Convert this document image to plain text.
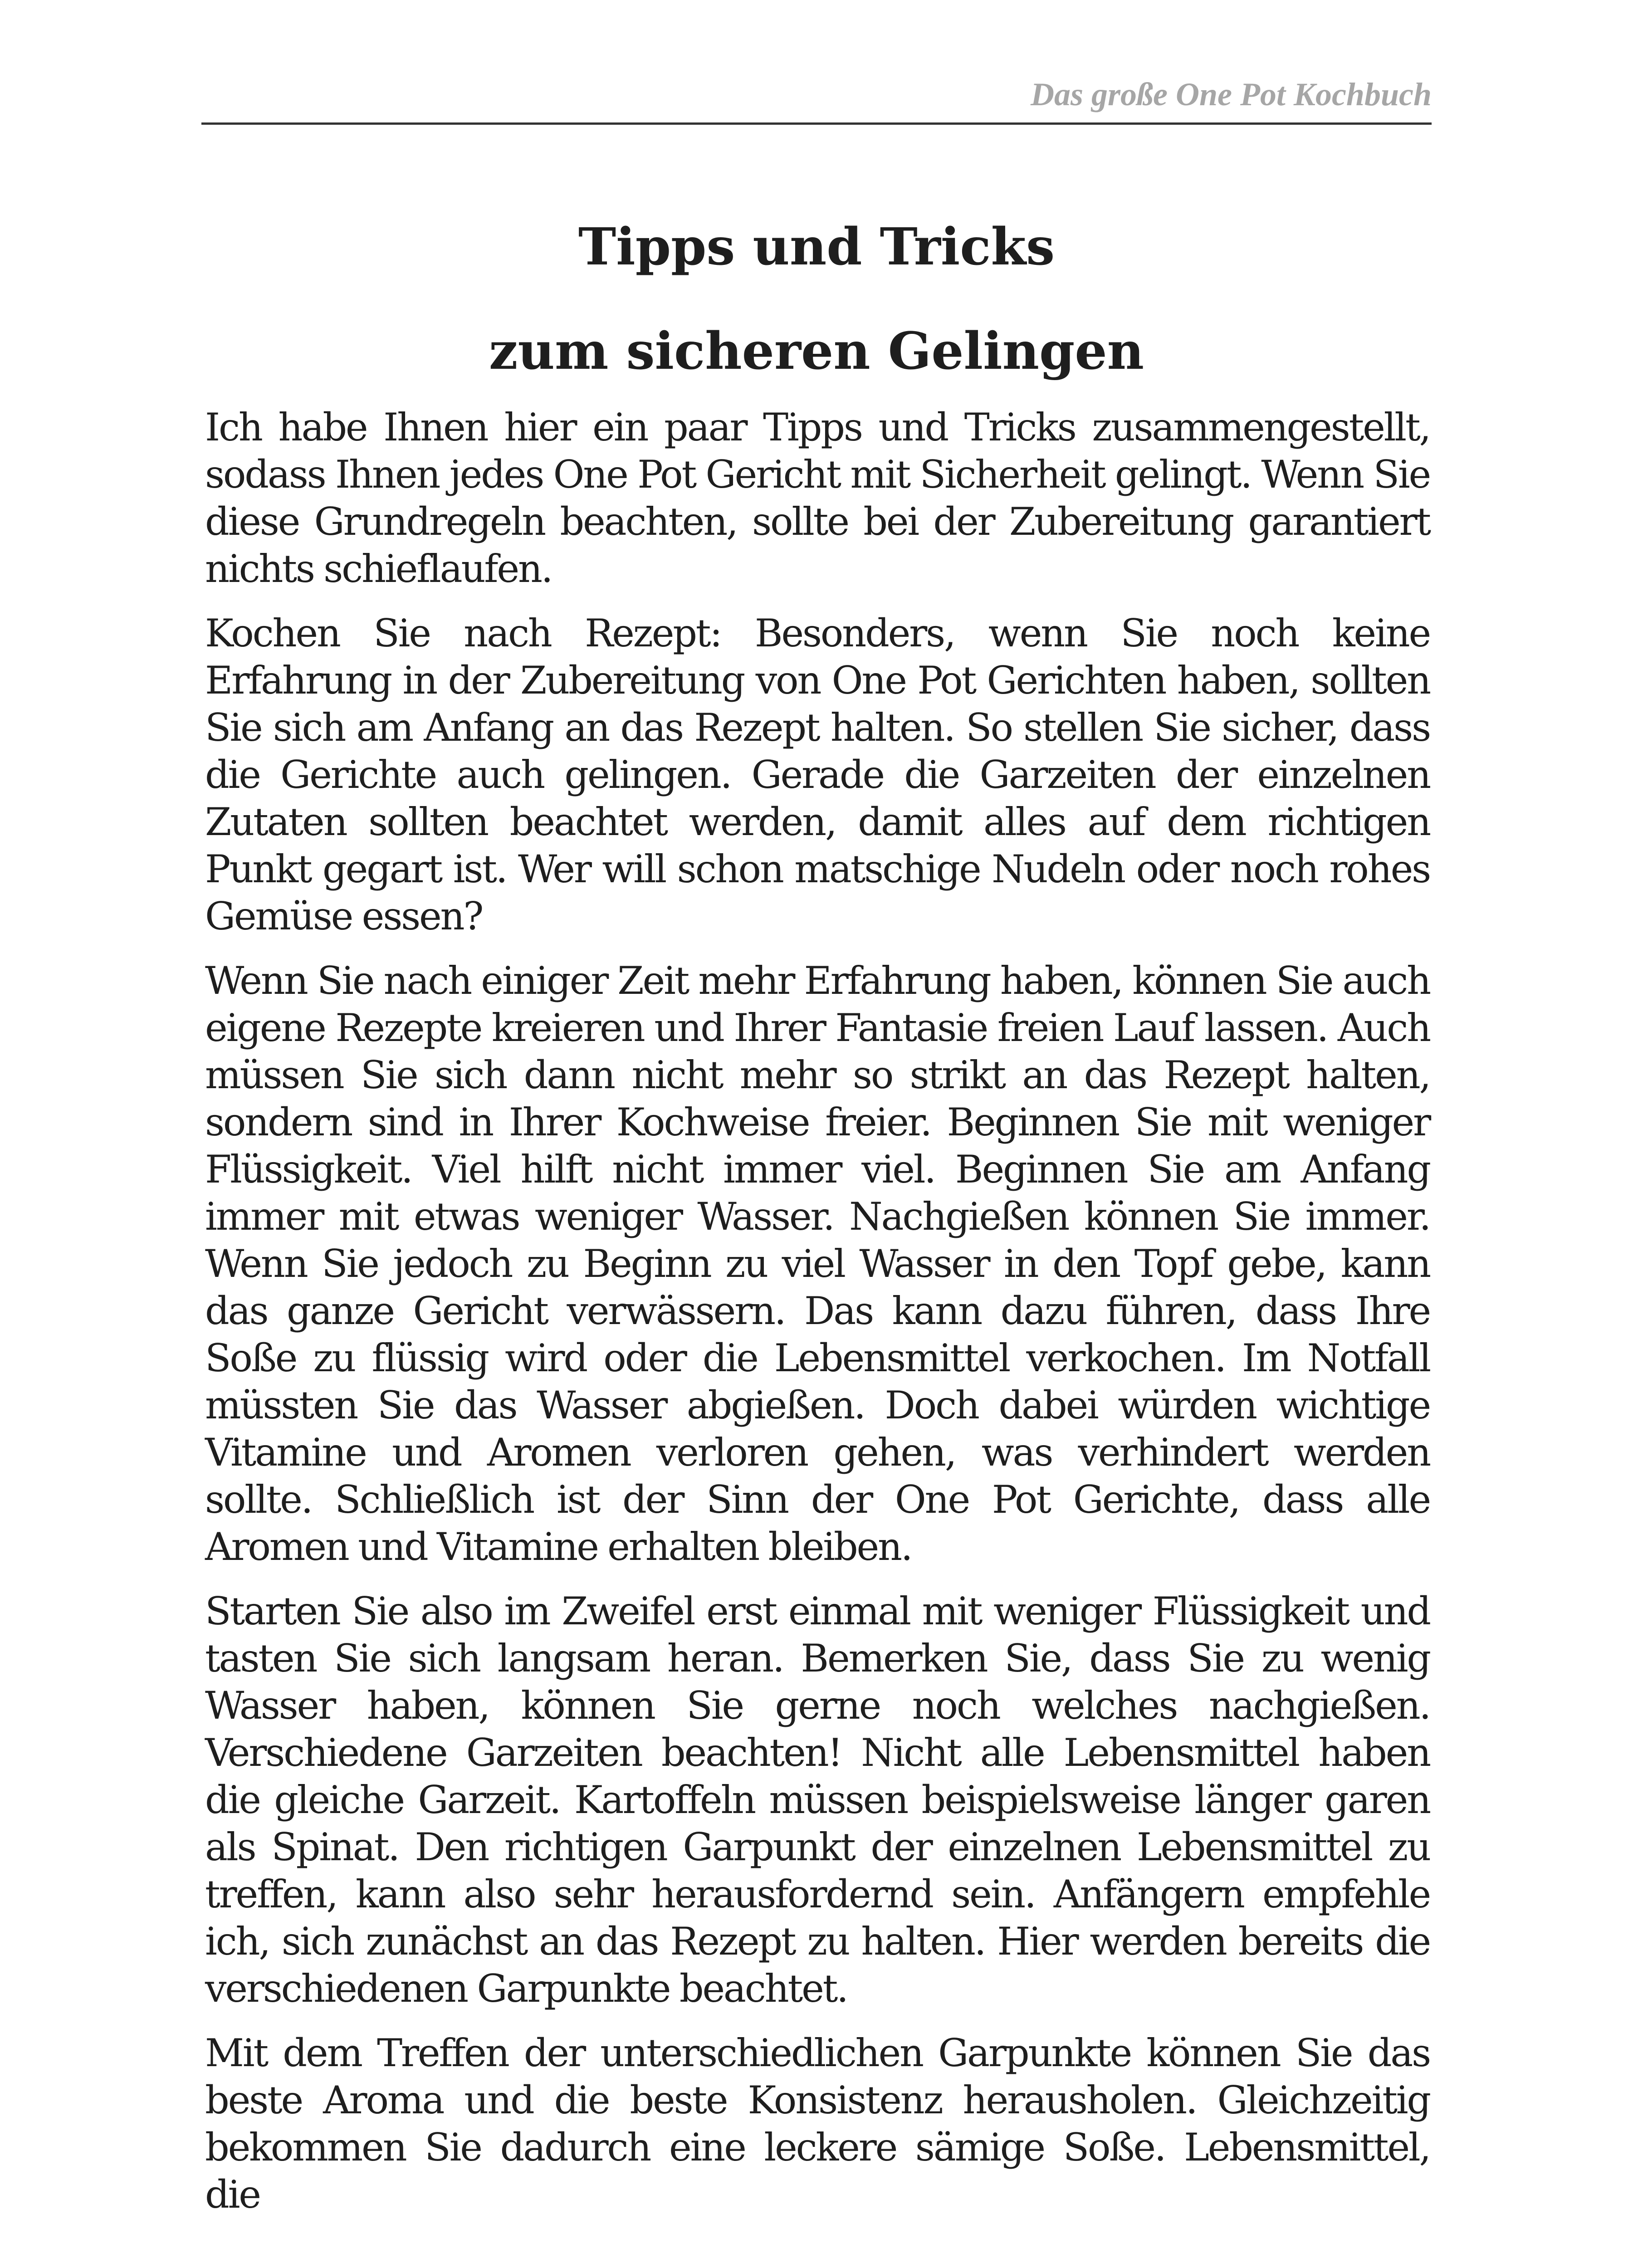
Das große One Pot Kochbuch
Tipps und Tricks
zum sicheren Gelingen

Ich habe Ihnen hier ein paar Tipps und Tricks zusammengestellt, sodass Ihnen jedes One Pot Gericht mit Sicherheit gelingt. Wenn Sie diese Grundregeln beachten, sollte bei der Zubereitung garantiert nichts schieflaufen.

Kochen Sie nach Rezept: Besonders, wenn Sie noch keine Erfahrung in der Zubereitung von One Pot Gerichten haben, sollten Sie sich am Anfang an das Rezept halten. So stellen Sie sicher, dass die Gerichte auch gelingen. Gerade die Garzeiten der einzelnen Zutaten sollten beachtet werden, damit alles auf dem richtigen Punkt gegart ist. Wer will schon matschige Nudeln oder noch rohes Gemüse essen?

Wenn Sie nach einiger Zeit mehr Erfahrung haben, können Sie auch eigene Rezepte kreieren und Ihrer Fantasie freien Lauf lassen. Auch müssen Sie sich dann nicht mehr so strikt an das Rezept halten, sondern sind in Ihrer Kochweise freier. Beginnen Sie mit weniger Flüssigkeit. Viel hilft nicht immer viel. Beginnen Sie am Anfang immer mit etwas weniger Wasser. Nachgießen können Sie immer. Wenn Sie jedoch zu Beginn zu viel Wasser in den Topf gebe, kann das ganze Gericht verwässern. Das kann dazu führen, dass Ihre Soße zu flüssig wird oder die Lebensmittel verkochen. Im Notfall müssten Sie das Wasser abgießen. Doch dabei würden wichtige Vitamine und Aromen verloren gehen, was verhindert werden sollte. Schließlich ist der Sinn der One Pot Gerichte, dass alle Aromen und Vitamine erhalten bleiben.

Starten Sie also im Zweifel erst einmal mit weniger Flüssigkeit und tasten Sie sich langsam heran. Bemerken Sie, dass Sie zu wenig Wasser haben, können Sie gerne noch welches nachgießen. Verschiedene Garzeiten beachten! Nicht alle Lebensmittel haben die gleiche Garzeit. Kartoffeln müssen beispielsweise länger garen als Spinat. Den richtigen Garpunkt der einzelnen Lebensmittel zu treffen, kann also sehr herausfordernd sein. Anfängern empfehle ich, sich zunächst an das Rezept zu halten. Hier werden bereits die verschiedenen Garpunkte beachtet.

Mit dem Treffen der unterschiedlichen Garpunkte können Sie das beste Aroma und die beste Konsistenz herausholen. Gleichzeitig bekommen Sie dadurch eine leckere sämige Soße. Lebensmittel, die
